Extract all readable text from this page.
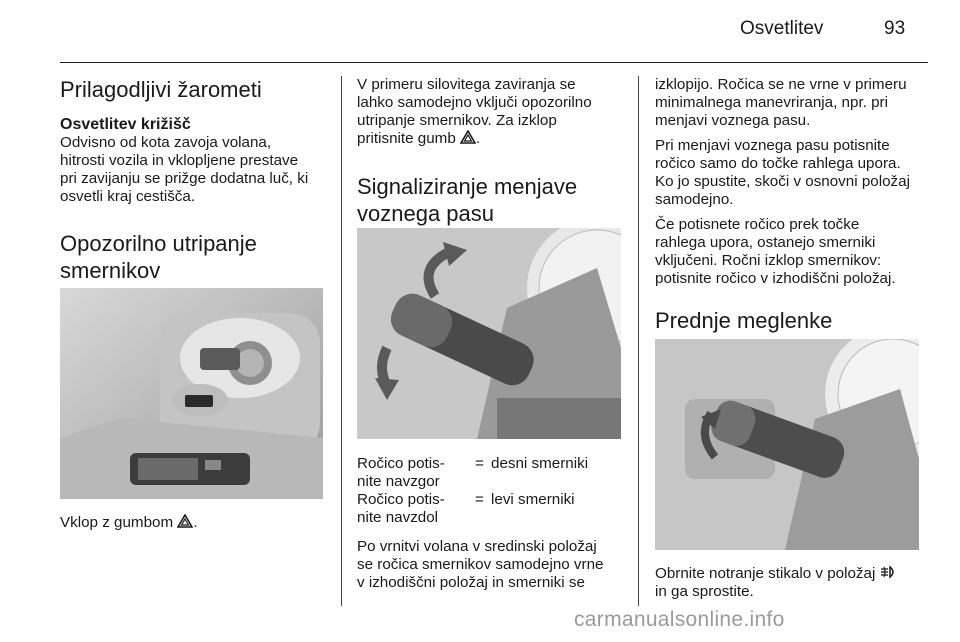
Osvetlitev	93
Prilagodljivi žarometi
Osvetlitev križišč

Odvisno od kota zavoja volana,

hitrosti vozila in vklopljene prestave

pri zavijanju se prižge dodatna luč, ki

osvetli kraj cestišča.

Opozorilno utripanje
smernikov
Vklop z gumbom .

V primeru silovitega zaviranja se

lahko samodejno vključi opozorilno

utripanje smernikov. Za izklop

pritisnite gumb .

Signaliziranje menjave
voznega pasu
Ročico potis-
nite navzgor
= desni smerniki
Ročico potis-
nite navzdol
= levi smerniki

Po vrnitvi volana v sredinski položaj

se ročica smernikov samodejno vrne

v izhodiščni položaj in smerniki se

izklopijo. Ročica se ne vrne v primeru

minimalnega manevriranja, npr. pri

menjavi voznega pasu.

Pri menjavi voznega pasu potisnite

ročico samo do točke rahlega upora.

Ko jo spustite, skoči v osnovni položaj

samodejno.

Če potisnete ročico prek točke

rahlega upora, ostanejo smerniki

vključeni. Ročni izklop smernikov:

potisnite ročico v izhodiščni položaj.

Prednje meglenke

Obrnite notranje stikalo v položaj

in ga sprostite.

carmanualsonline.info
